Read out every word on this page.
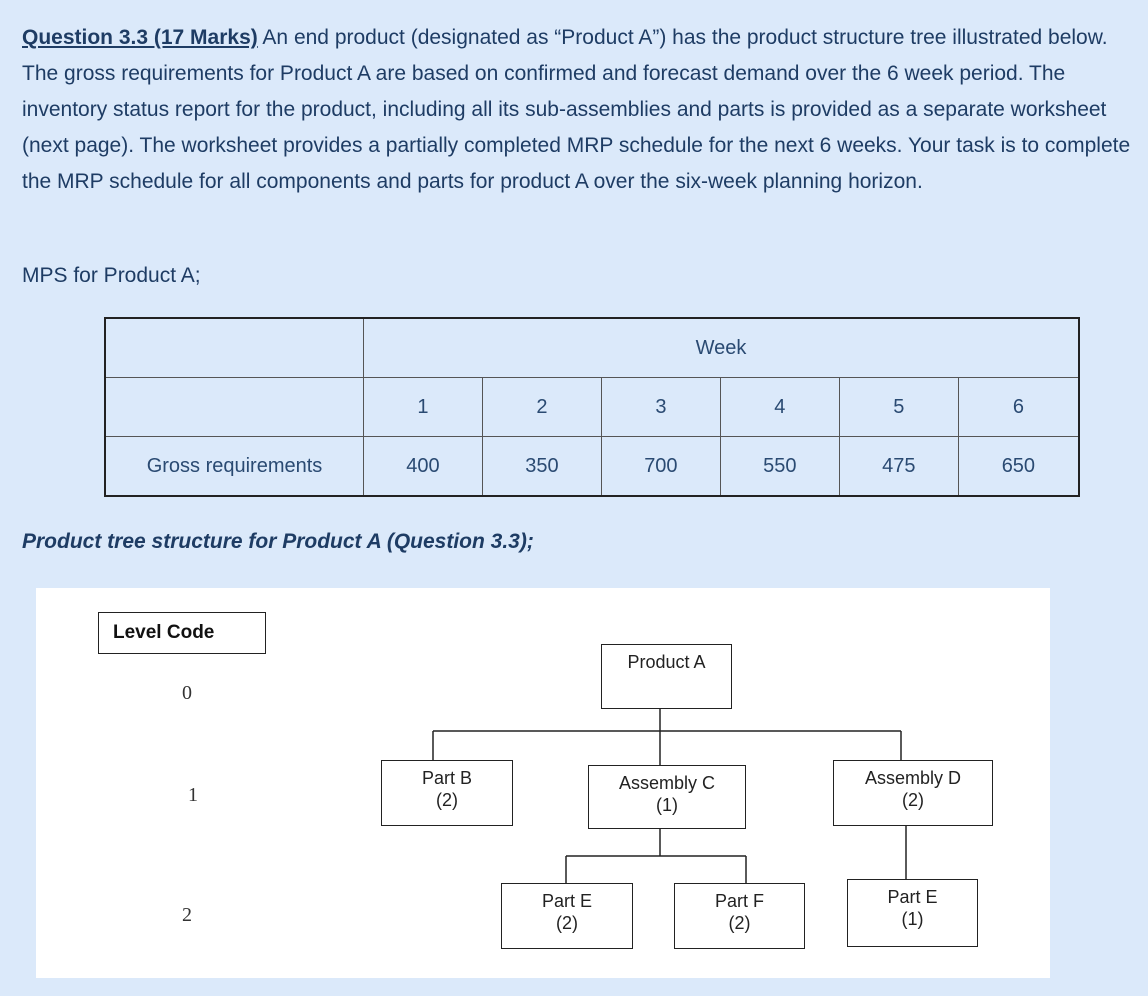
Question 3.3 (17 Marks) An end product (designated as “Product A”) has the product structure tree illustrated below. The gross requirements for Product A are based on confirmed and forecast demand over the 6 week period. The inventory status report for the product, including all its sub-assemblies and parts is provided as a separate worksheet (next page). The worksheet provides a partially completed MRP schedule for the next 6 weeks. Your task is to complete the MRP schedule for all components and parts for product A over the six-week planning horizon.
MPS for Product A;
	Week					
	1	2	3	4	5	6
Gross requirements	400	350	700	550	475	650
Product tree structure for Product A (Question 3.3);
Level Code
0
1
2
Product A
Part B
(2)
Assembly C
(1)
Assembly D
(2)
Part E
(2)
Part F
(2)
Part E
(1)
